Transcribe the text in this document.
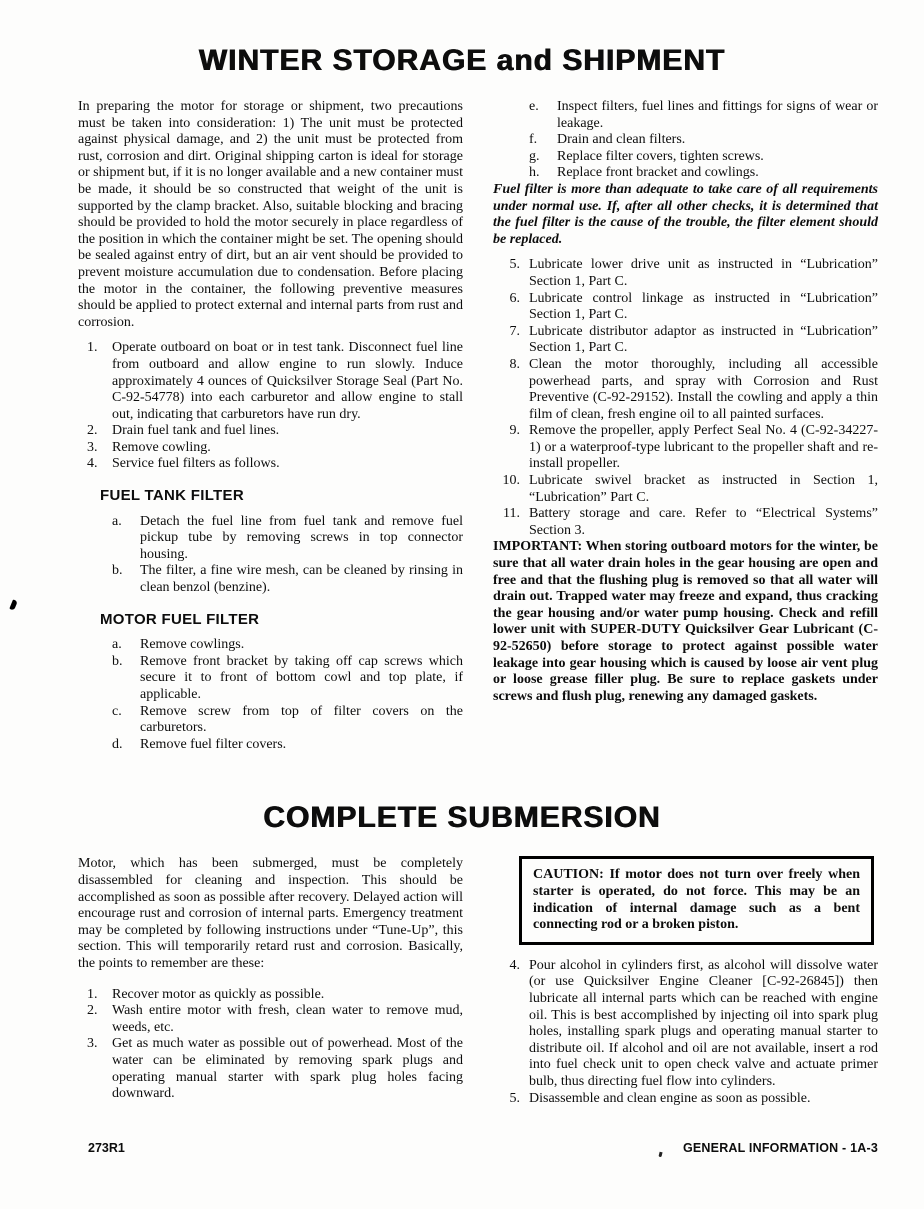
WINTER STORAGE and SHIPMENT

In preparing the motor for storage or shipment, two precautions must be taken into consideration: 1) The unit must be protected against physical damage, and 2) the unit must be protected from rust, corrosion and dirt. Original shipping carton is ideal for storage or shipment but, if it is no longer available and a new container must be made, it should be so constructed that weight of the unit is supported by the clamp bracket. Also, suitable blocking and bracing should be provided to hold the motor securely in place regardless of the position in which the container might be set. The opening should be sealed against entry of dirt, but an air vent should be provided to prevent moisture accumulation due to condensation. Before placing the motor in the container, the following preventive measures should be applied to protect external and internal parts from rust and corrosion.

1.	Operate outboard on boat or in test tank. Disconnect fuel line from outboard and allow engine to run slowly. Induce approximately 4 ounces of Quicksilver Storage Seal (Part No. C-92-54778) into each carburetor and allow engine to stall out, indicating that carburetors have run dry.
2.	Drain fuel tank and fuel lines.
3.	Remove cowling.
4.	Service fuel filters as follows.
FUEL TANK FILTER
a.	Detach the fuel line from fuel tank and remove fuel pickup tube by removing screws in top connector housing.
b.	The filter, a fine wire mesh, can be cleaned by rinsing in clean benzol (benzine).
MOTOR FUEL FILTER
a.	Remove cowlings.
b.	Remove front bracket by taking off cap screws which secure it to front of bottom cowl and top plate, if applicable.
c.	Remove screw from top of filter covers on the carburetors.
d.	Remove fuel filter covers.
e.	Inspect filters, fuel lines and fittings for signs of wear or leakage.
f.	Drain and clean filters.
g.	Replace filter covers, tighten screws.
h.	Replace front bracket and cowlings.

Fuel filter is more than adequate to take care of all requirements under normal use. If, after all other checks, it is determined that the fuel filter is the cause of the trouble, the filter element should be replaced.

5. Lubricate lower drive unit as instructed in “Lubrication” Section 1, Part C.
6. Lubricate control linkage as instructed in “Lubrication” Section 1, Part C.
7. Lubricate distributor adaptor as instructed in “Lubrication” Section 1, Part C.
8. Clean the motor thoroughly, including all accessible powerhead parts, and spray with Corrosion and Rust Preventive (C-92-29152). Install the cowling and apply a thin film of clean, fresh engine oil to all painted surfaces.
9. Remove the propeller, apply Perfect Seal No. 4 (C-92-34227-1) or a waterproof-type lubricant to the propeller shaft and re-install propeller.
10. Lubricate swivel bracket as instructed in Section 1, “Lubrication” Part C.
11. Battery storage and care. Refer to “Electrical Systems” Section 3.

IMPORTANT: When storing outboard motors for the winter, be sure that all water drain holes in the gear housing are open and free and that the flushing plug is removed so that all water will drain out. Trapped water may freeze and expand, thus cracking the gear housing and/or water pump housing. Check and refill lower unit with SUPER-DUTY Quicksilver Gear Lubricant (C-92-52650) before storage to protect against possible water leakage into gear housing which is caused by loose air vent plug or loose grease filler plug. Be sure to replace gaskets under screws and flush plug, renewing any damaged gaskets.

COMPLETE SUBMERSION

Motor, which has been submerged, must be completely disassembled for cleaning and inspection. This should be accomplished as soon as possible after recovery. Delayed action will encourage rust and corrosion of internal parts. Emergency treatment may be completed by following instructions under “Tune-Up”, this section. This will temporarily retard rust and corrosion. Basically, the points to remember are these:

1.	Recover motor as quickly as possible.
2.	Wash entire motor with fresh, clean water to remove mud, weeds, etc.
3.	Get as much water as possible out of powerhead. Most of the water can be eliminated by removing spark plugs and operating manual starter with spark plug holes facing downward.
CAUTION: If motor does not turn over freely when starter is operated, do not force. This may be an indication of internal damage such as a bent connecting rod or a broken piston.
4. Pour alcohol in cylinders first, as alcohol will dissolve water (or use Quicksilver Engine Cleaner [C-92-26845]) then lubricate all internal parts which can be reached with engine oil. This is best accomplished by injecting oil into spark plug holes, installing spark plugs and operating manual starter to distribute oil. If alcohol and oil are not available, insert a rod into fuel check unit to open check valve and actuate primer bulb, thus directing fuel flow into cylinders.
5. Disassemble and clean engine as soon as possible.
273R1	GENERAL INFORMATION - 1A-3
